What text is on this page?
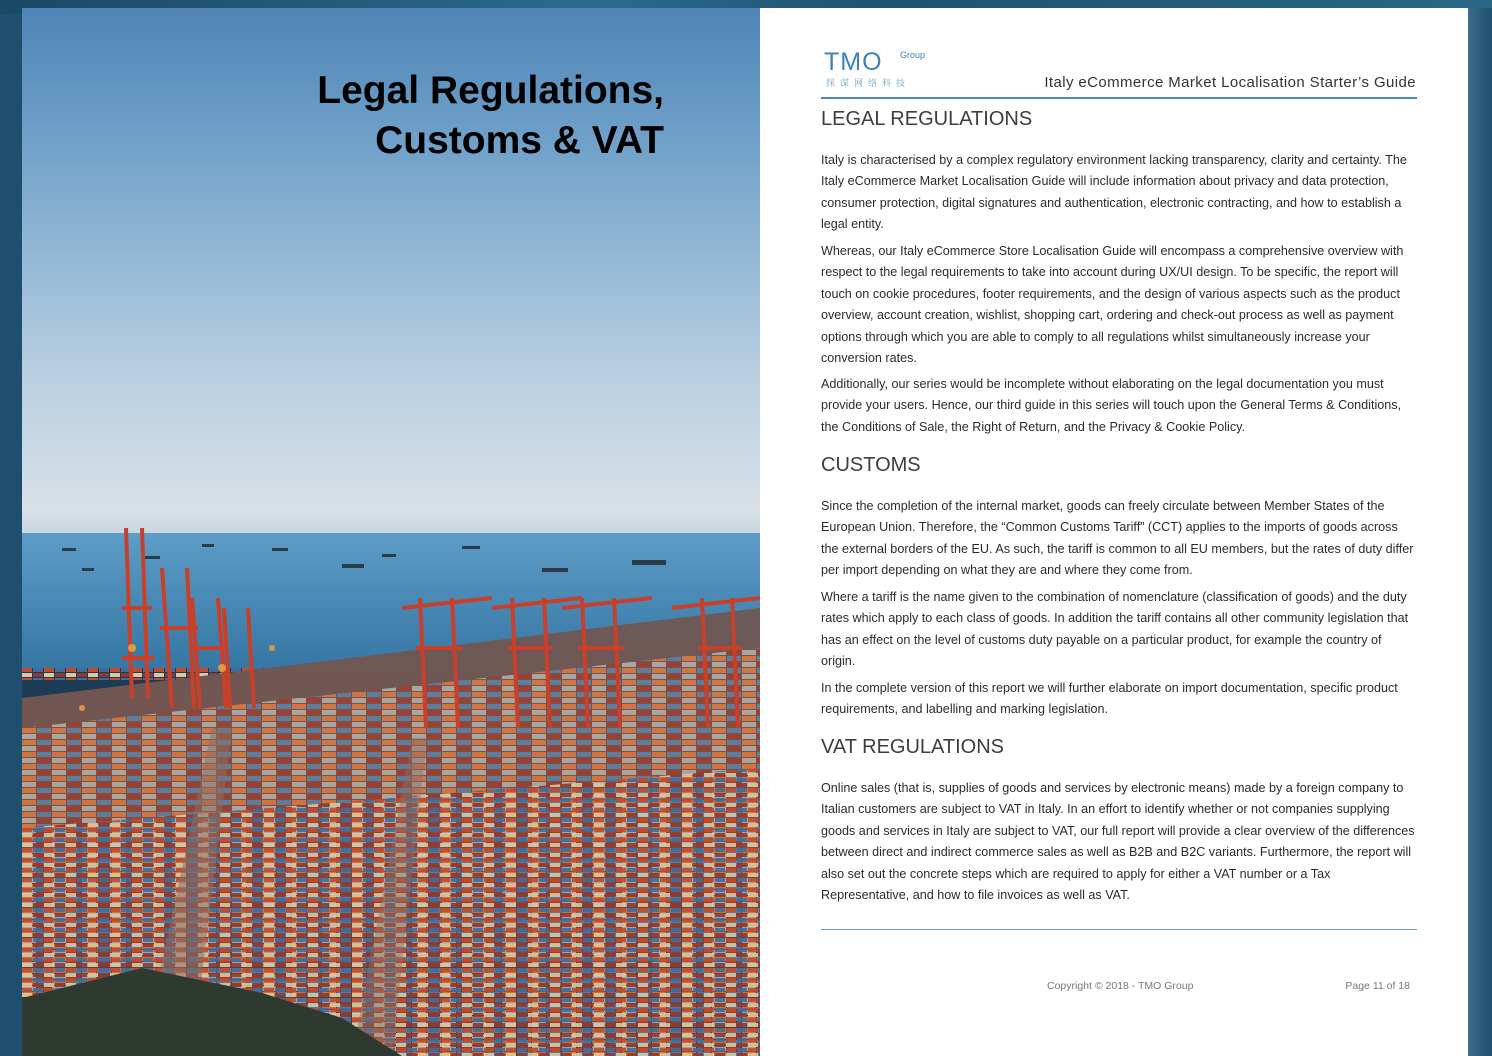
Legal Regulations,
Customs & VAT
TMO Group
探谋网络科技	Italy eCommerce Market Localisation Starter’s Guide
LEGAL REGULATIONS

Italy is characterised by a complex regulatory environment lacking transparency, clarity and certainty. The Italy eCommerce Market Localisation Guide will include information about privacy and data protection, consumer protection, digital signatures and authentication, electronic contracting, and how to establish a legal entity.

Whereas, our Italy eCommerce Store Localisation Guide will encompass a comprehensive overview with respect to the legal requirements to take into account during UX/UI design. To be specific, the report will touch on cookie procedures, footer requirements, and the design of various aspects such as the product overview, account creation, wishlist, shopping cart, ordering and check-out process as well as payment options through which you are able to comply to all regulations whilst simultaneously increase your conversion rates.

Additionally, our series would be incomplete without elaborating on the legal documentation you must provide your users. Hence, our third guide in this series will touch upon the General Terms & Conditions, the Conditions of Sale, the Right of Return, and the Privacy & Cookie Policy.

CUSTOMS

Since the completion of the internal market, goods can freely circulate between Member States of the European Union. Therefore, the “Common Customs Tariff” (CCT) applies to the imports of goods across the external borders of the EU. As such, the tariff is common to all EU members, but the rates of duty differ per import depending on what they are and where they come from.

Where a tariff is the name given to the combination of nomenclature (classification of goods) and the duty rates which apply to each class of goods. In addition the tariff contains all other community legislation that has an effect on the level of customs duty payable on a particular product, for example the country of origin.

In the complete version of this report we will further elaborate on import documentation, specific product requirements, and labelling and marking legislation.

VAT REGULATIONS

Online sales (that is, supplies of goods and services by electronic means) made by a foreign company to Italian customers are subject to VAT in Italy. In an effort to identify whether or not companies supplying goods and services in Italy are subject to VAT, our full report will provide a clear overview of the differences between direct and indirect commerce sales as well as B2B and B2C variants. Furthermore, the report will also set out the concrete steps which are required to apply for either a VAT number or a Tax Representative, and how to file invoices as well as VAT.

Copyright © 2018 - TMO Group	Page 11 of 18
